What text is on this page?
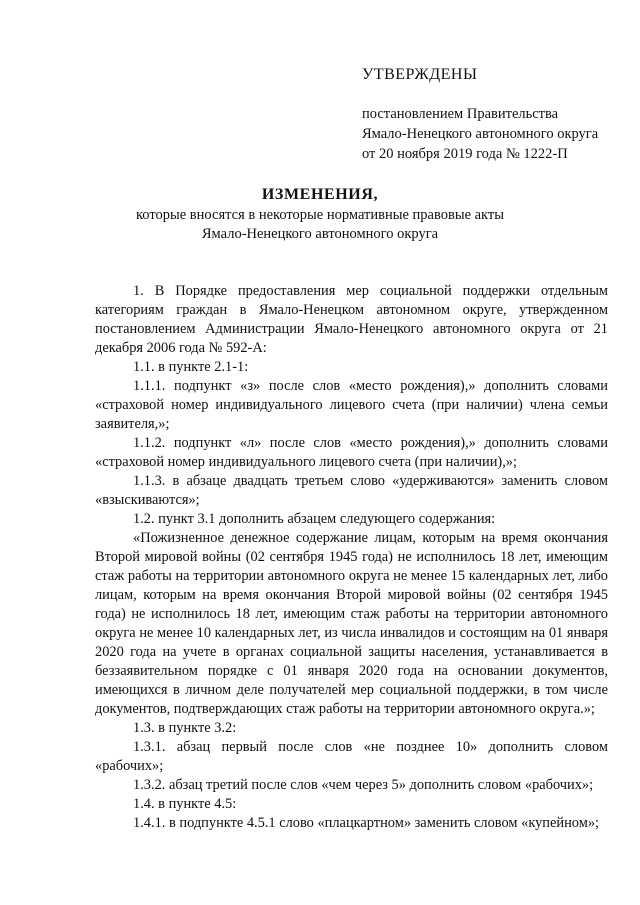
УТВЕРЖДЕНЫ
постановлением Правительства
Ямало-Ненецкого автономного округа
от 20 ноября 2019 года № 1222-П
ИЗМЕНЕНИЯ,
которые вносятся в некоторые нормативные правовые акты
Ямало-Ненецкого автономного округа

1. В Порядке предоставления мер социальной поддержки отдельным категориям граждан в Ямало-Ненецком автономном округе, утвержденном постановлением Администрации Ямало-Ненецкого автономного округа от 21 декабря 2006 года № 592-А:

1.1. в пункте 2.1-1:

1.1.1. подпункт «з» после слов «место рождения),» дополнить словами «страховой номер индивидуального лицевого счета (при наличии) члена семьи заявителя,»;

1.1.2. подпункт «л» после слов «место рождения),» дополнить словами «страховой номер индивидуального лицевого счета (при наличии),»;

1.1.3. в абзаце двадцать третьем слово «удерживаются» заменить словом «взыскиваются»;

1.2. пункт 3.1 дополнить абзацем следующего содержания:

«Пожизненное денежное содержание лицам, которым на время окончания Второй мировой войны (02 сентября 1945 года) не исполнилось 18 лет, имеющим стаж работы на территории автономного округа не менее 15 календарных лет, либо лицам, которым на время окончания Второй мировой войны (02 сентября 1945 года) не исполнилось 18 лет, имеющим стаж работы на территории автономного округа не менее 10 календарных лет, из числа инвалидов и состоящим на 01 января 2020 года на учете в органах социальной защиты населения, устанавливается в беззаявительном порядке с 01 января 2020 года на основании документов, имеющихся в личном деле получателей мер социальной поддержки, в том числе документов, подтверждающих стаж работы на территории автономного округа.»;

1.3. в пункте 3.2:

1.3.1. абзац первый после слов «не позднее 10» дополнить словом «рабочих»;

1.3.2. абзац третий после слов «чем через 5» дополнить словом «рабочих»;

1.4. в пункте 4.5:

1.4.1. в подпункте 4.5.1 слово «плацкартном» заменить словом «купейном»;
